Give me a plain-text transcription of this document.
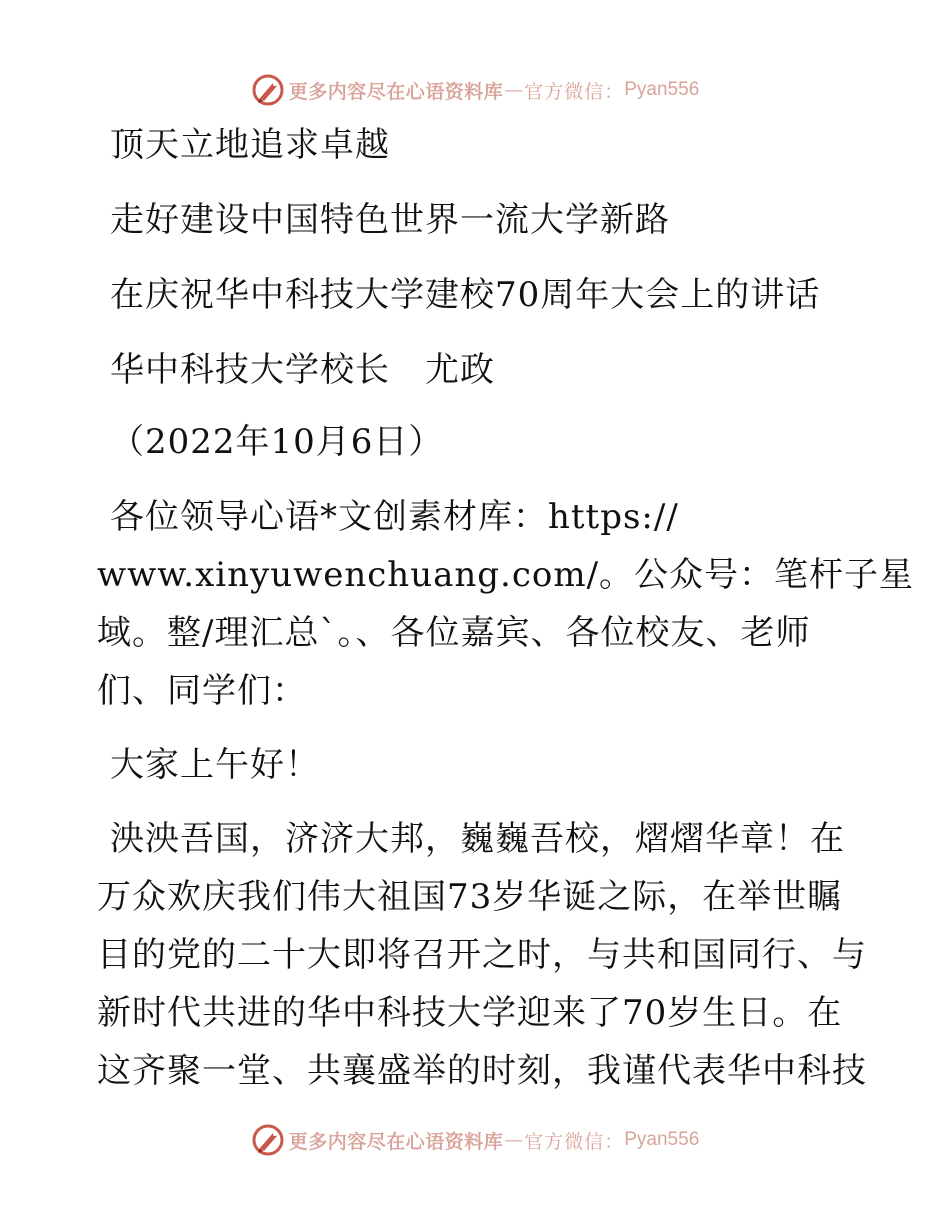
更多内容尽在心语资料库 — 官方微信： Pyan556
顶天立地追求卓越
走好建设中国特色世界一流大学新路
在庆祝华中科技大学建校70周年大会上的讲话
华中科技大学校长　尤政
（2022年10月6日）
各位领导心语*文创素材库：https://
www.xinyuwenchuang.com/。公众号：笔杆子星
域。整/理汇总`。、各位嘉宾、各位校友、老师
们、同学们：
大家上午好！
泱泱吾国，济济大邦，巍巍吾校，熠熠华章！在
万众欢庆我们伟大祖国73岁华诞之际，在举世瞩
目的党的二十大即将召开之时，与共和国同行、与
新时代共进的华中科技大学迎来了70岁生日。在
这齐聚一堂、共襄盛举的时刻，我谨代表华中科技
更多内容尽在心语资料库 — 官方微信： Pyan556
